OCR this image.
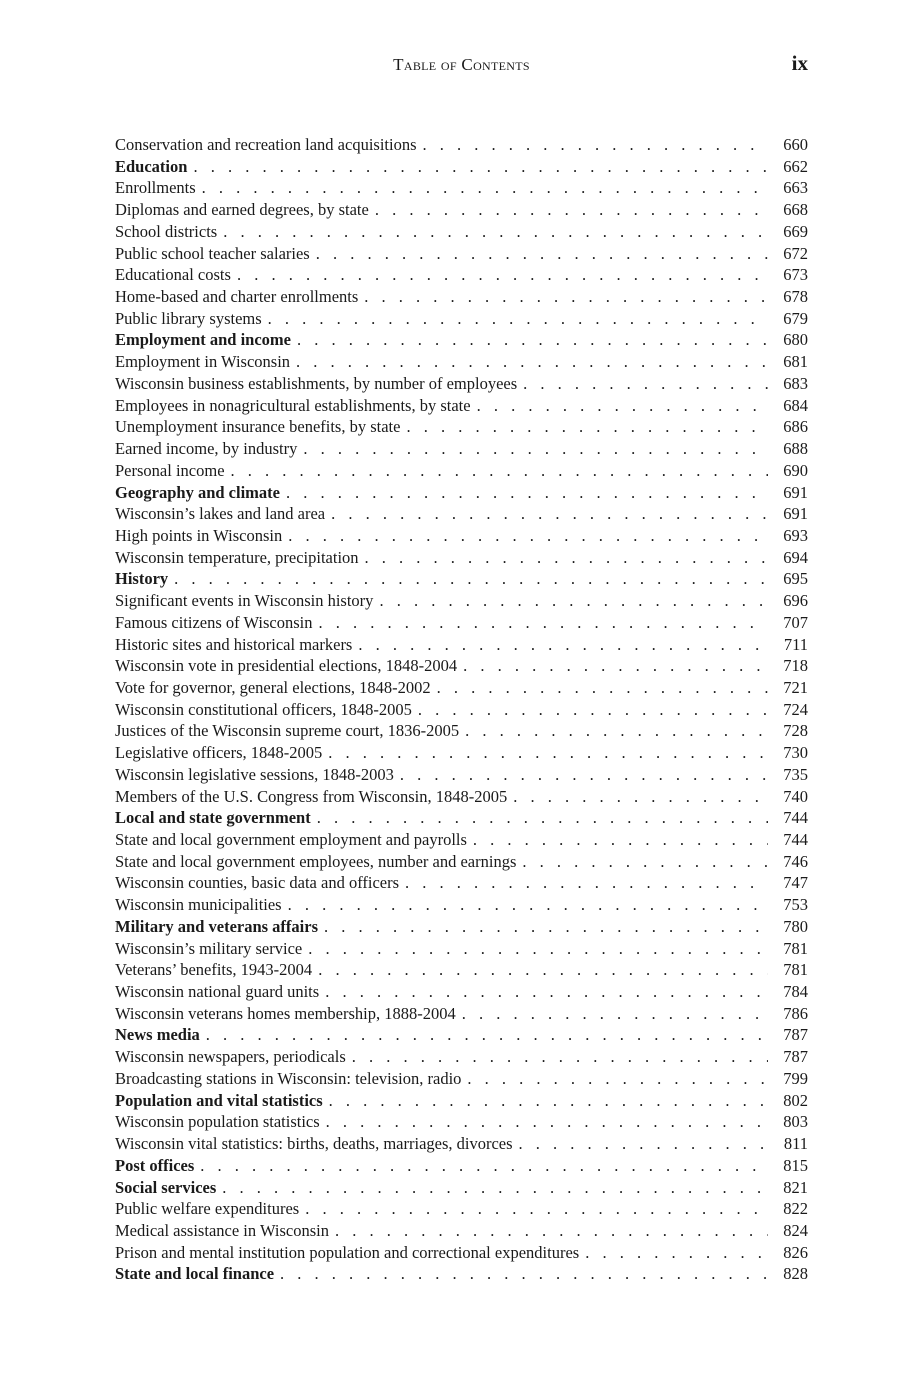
Table of Contents	ix
Conservation and recreation land acquisitions . . .	660
Education . . .	662
Enrollments . . .	663
Diplomas and earned degrees, by state . . .	668
School districts . . .	669
Public school teacher salaries . . .	672
Educational costs . . .	673
Home-based and charter enrollments . . .	678
Public library systems . . .	679
Employment and income . . .	680
Employment in Wisconsin . . .	681
Wisconsin business establishments, by number of employees . . .	683
Employees in nonagricultural establishments, by state . . .	684
Unemployment insurance benefits, by state . . .	686
Earned income, by industry . . .	688
Personal income . . .	690
Geography and climate . . .	691
Wisconsin’s lakes and land area . . .	691
High points in Wisconsin . . .	693
Wisconsin temperature, precipitation . . .	694
History . . .	695
Significant events in Wisconsin history . . .	696
Famous citizens of Wisconsin . . .	707
Historic sites and historical markers . . .	711
Wisconsin vote in presidential elections, 1848-2004 . . .	718
Vote for governor, general elections, 1848-2002 . . .	721
Wisconsin constitutional officers, 1848-2005 . . .	724
Justices of the Wisconsin supreme court, 1836-2005 . . .	728
Legislative officers, 1848-2005 . . .	730
Wisconsin legislative sessions, 1848-2003 . . .	735
Members of the U.S. Congress from Wisconsin, 1848-2005 . . .	740
Local and state government . . .	744
State and local government employment and payrolls . . .	744
State and local government employees, number and earnings . . .	746
Wisconsin counties, basic data and officers . . .	747
Wisconsin municipalities . . .	753
Military and veterans affairs . . .	780
Wisconsin’s military service . . .	781
Veterans’ benefits, 1943-2004 . . .	781
Wisconsin national guard units . . .	784
Wisconsin veterans homes membership, 1888-2004 . . .	786
News media . . .	787
Wisconsin newspapers, periodicals . . .	787
Broadcasting stations in Wisconsin: television, radio . . .	799
Population and vital statistics . . .	802
Wisconsin population statistics . . .	803
Wisconsin vital statistics: births, deaths, marriages, divorces . . .	811
Post offices . . .	815
Social services . . .	821
Public welfare expenditures . . .	822
Medical assistance in Wisconsin . . .	824
Prison and mental institution population and correctional expenditures . . .	826
State and local finance . . .	828
